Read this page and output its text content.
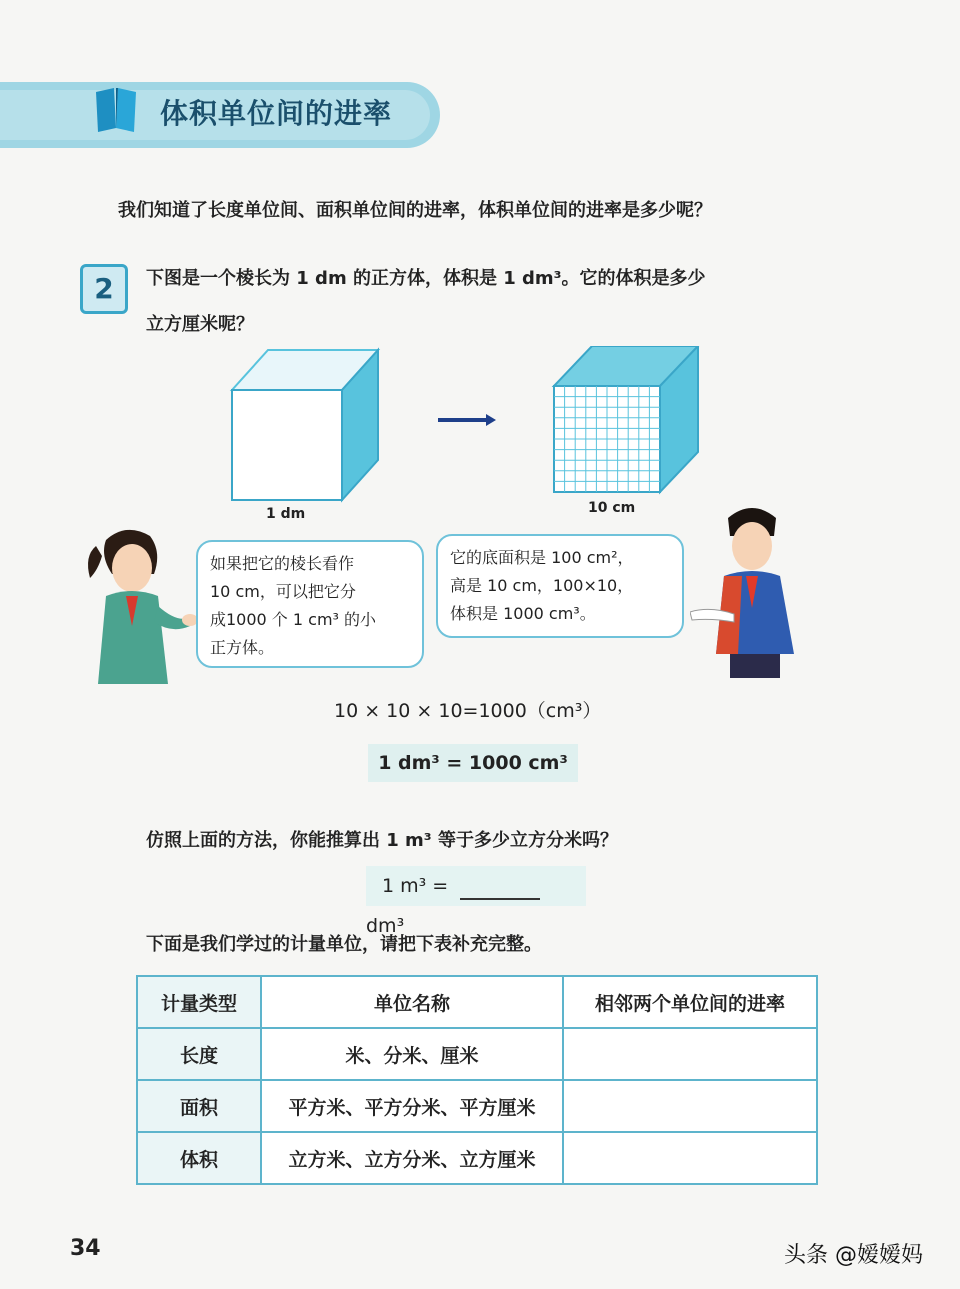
体积单位间的进率
我们知道了长度单位间、面积单位间的进率，体积单位间的进率是多少呢？
2	下图是一个棱长为 1 dm 的正方体，体积是 1 dm³。它的体积是多少
立方厘米呢？
1 dm	10 cm
如果把它的棱长看作
10 cm，可以把它分
成1000 个 1 cm³ 的小
正方体。
它的底面积是 100 cm²，
高是 10 cm，100×10，
体积是 1000 cm³。
10 × 10 × 10=1000（cm³）
1 dm³ = 1000 cm³
仿照上面的方法，你能推算出 1 m³ 等于多少立方分米吗？
1 m³ =  dm³
下面是我们学过的计量单位，请把下表补充完整。
计量类型	单位名称	相邻两个单位间的进率
长度	米、分米、厘米	
面积	平方米、平方分米、平方厘米	
体积	立方米、立方分米、立方厘米	
34	头条 @嫒嫒妈
